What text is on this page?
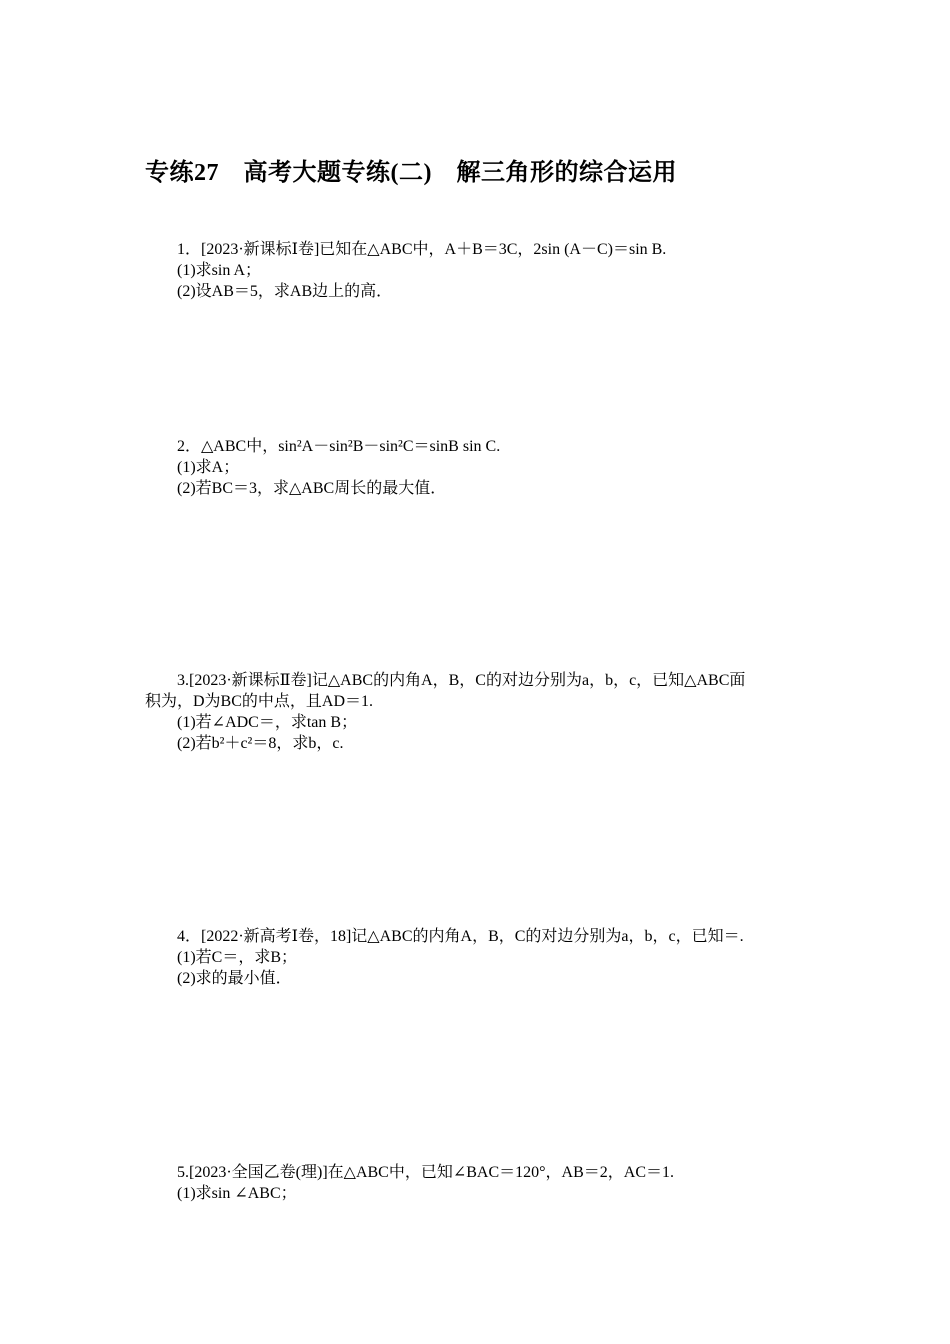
专练27　高考大题专练(二)　解三角形的综合运用
1．[2023·新课标Ⅰ卷]已知在△ABC中，A＋B＝3C，2sin (A－C)＝sin B.
(1)求sin A；
(2)设AB＝5，求AB边上的高．
2．△ABC中，sin²A－sin²B－sin²C＝sinB sin C.
(1)求A；
(2)若BC＝3，求△ABC周长的最大值．
3.[2023·新课标Ⅱ卷]记△ABC的内角A，B，C的对边分别为a，b，c，已知△ABC面
积为，D为BC的中点，且AD＝1.
(1)若∠ADC＝，求tan B；
(2)若b²＋c²＝8，求b，c.
4．[2022·新高考Ⅰ卷，18]记△ABC的内角A，B，C的对边分别为a，b，c，已知＝.
(1)若C＝，求B；
(2)求的最小值．
5.[2023·全国乙卷(理)]在△ABC中，已知∠BAC＝120°，AB＝2，AC＝1.
(1)求sin ∠ABC；
